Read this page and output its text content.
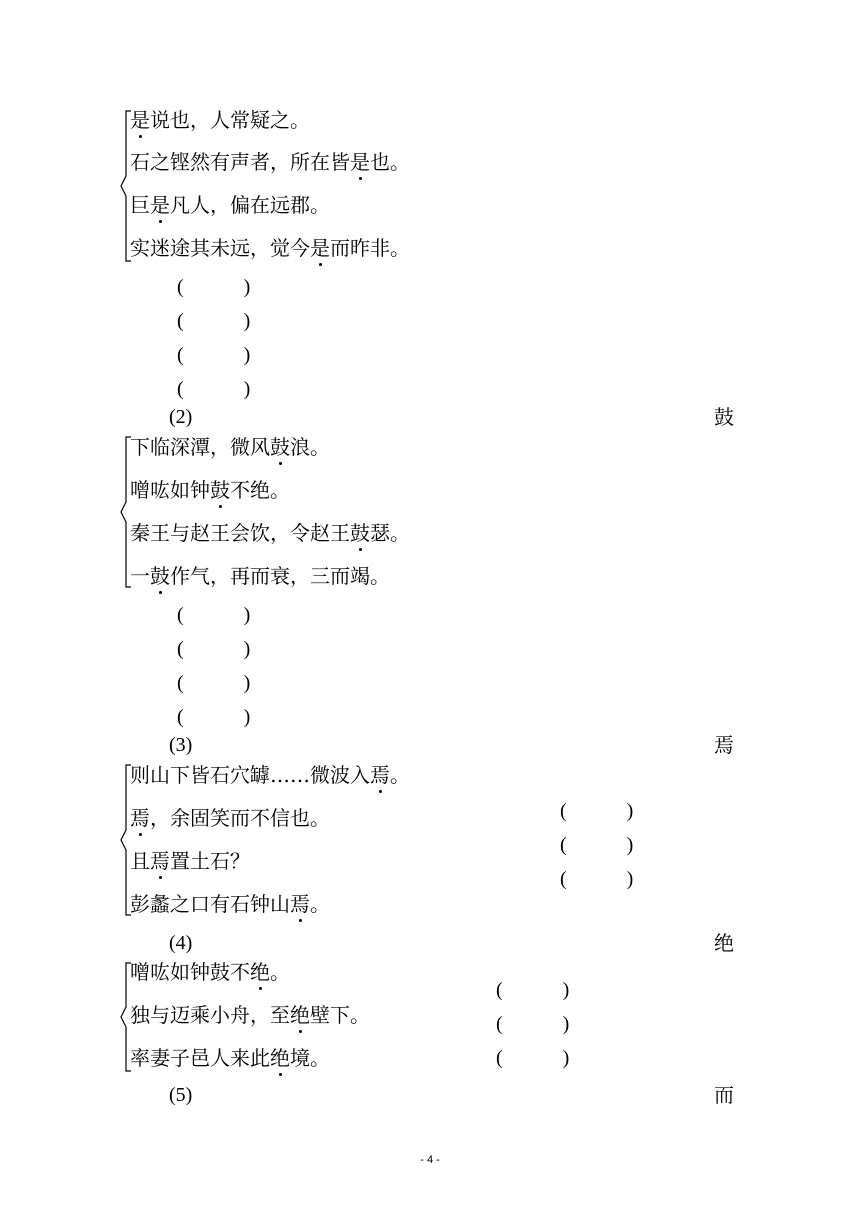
是说也，人常疑之。
石之铿然有声者，所在皆是也。
巨是凡人，偏在远郡。
实迷途其未远，觉今是而昨非。
(            )
(            )
(            )
(            )
(2)	鼓
下临深潭，微风鼓浪。
噌吰如钟鼓不绝。
秦王与赵王会饮，令赵王鼓瑟。
一鼓作气，再而衰，三而竭。
(            )
(            )
(            )
(            )
(3)	焉
则山下皆石穴罅……微波入焉。
焉，余固笑而不信也。
且焉置土石？
彭蠡之口有石钟山焉。
(            )
(            )
(            )
(4)	绝
噌吰如钟鼓不绝。
独与迈乘小舟，至绝壁下。
率妻子邑人来此绝境。
(            )
(            )
(            )
(5)	而
- 4 -
